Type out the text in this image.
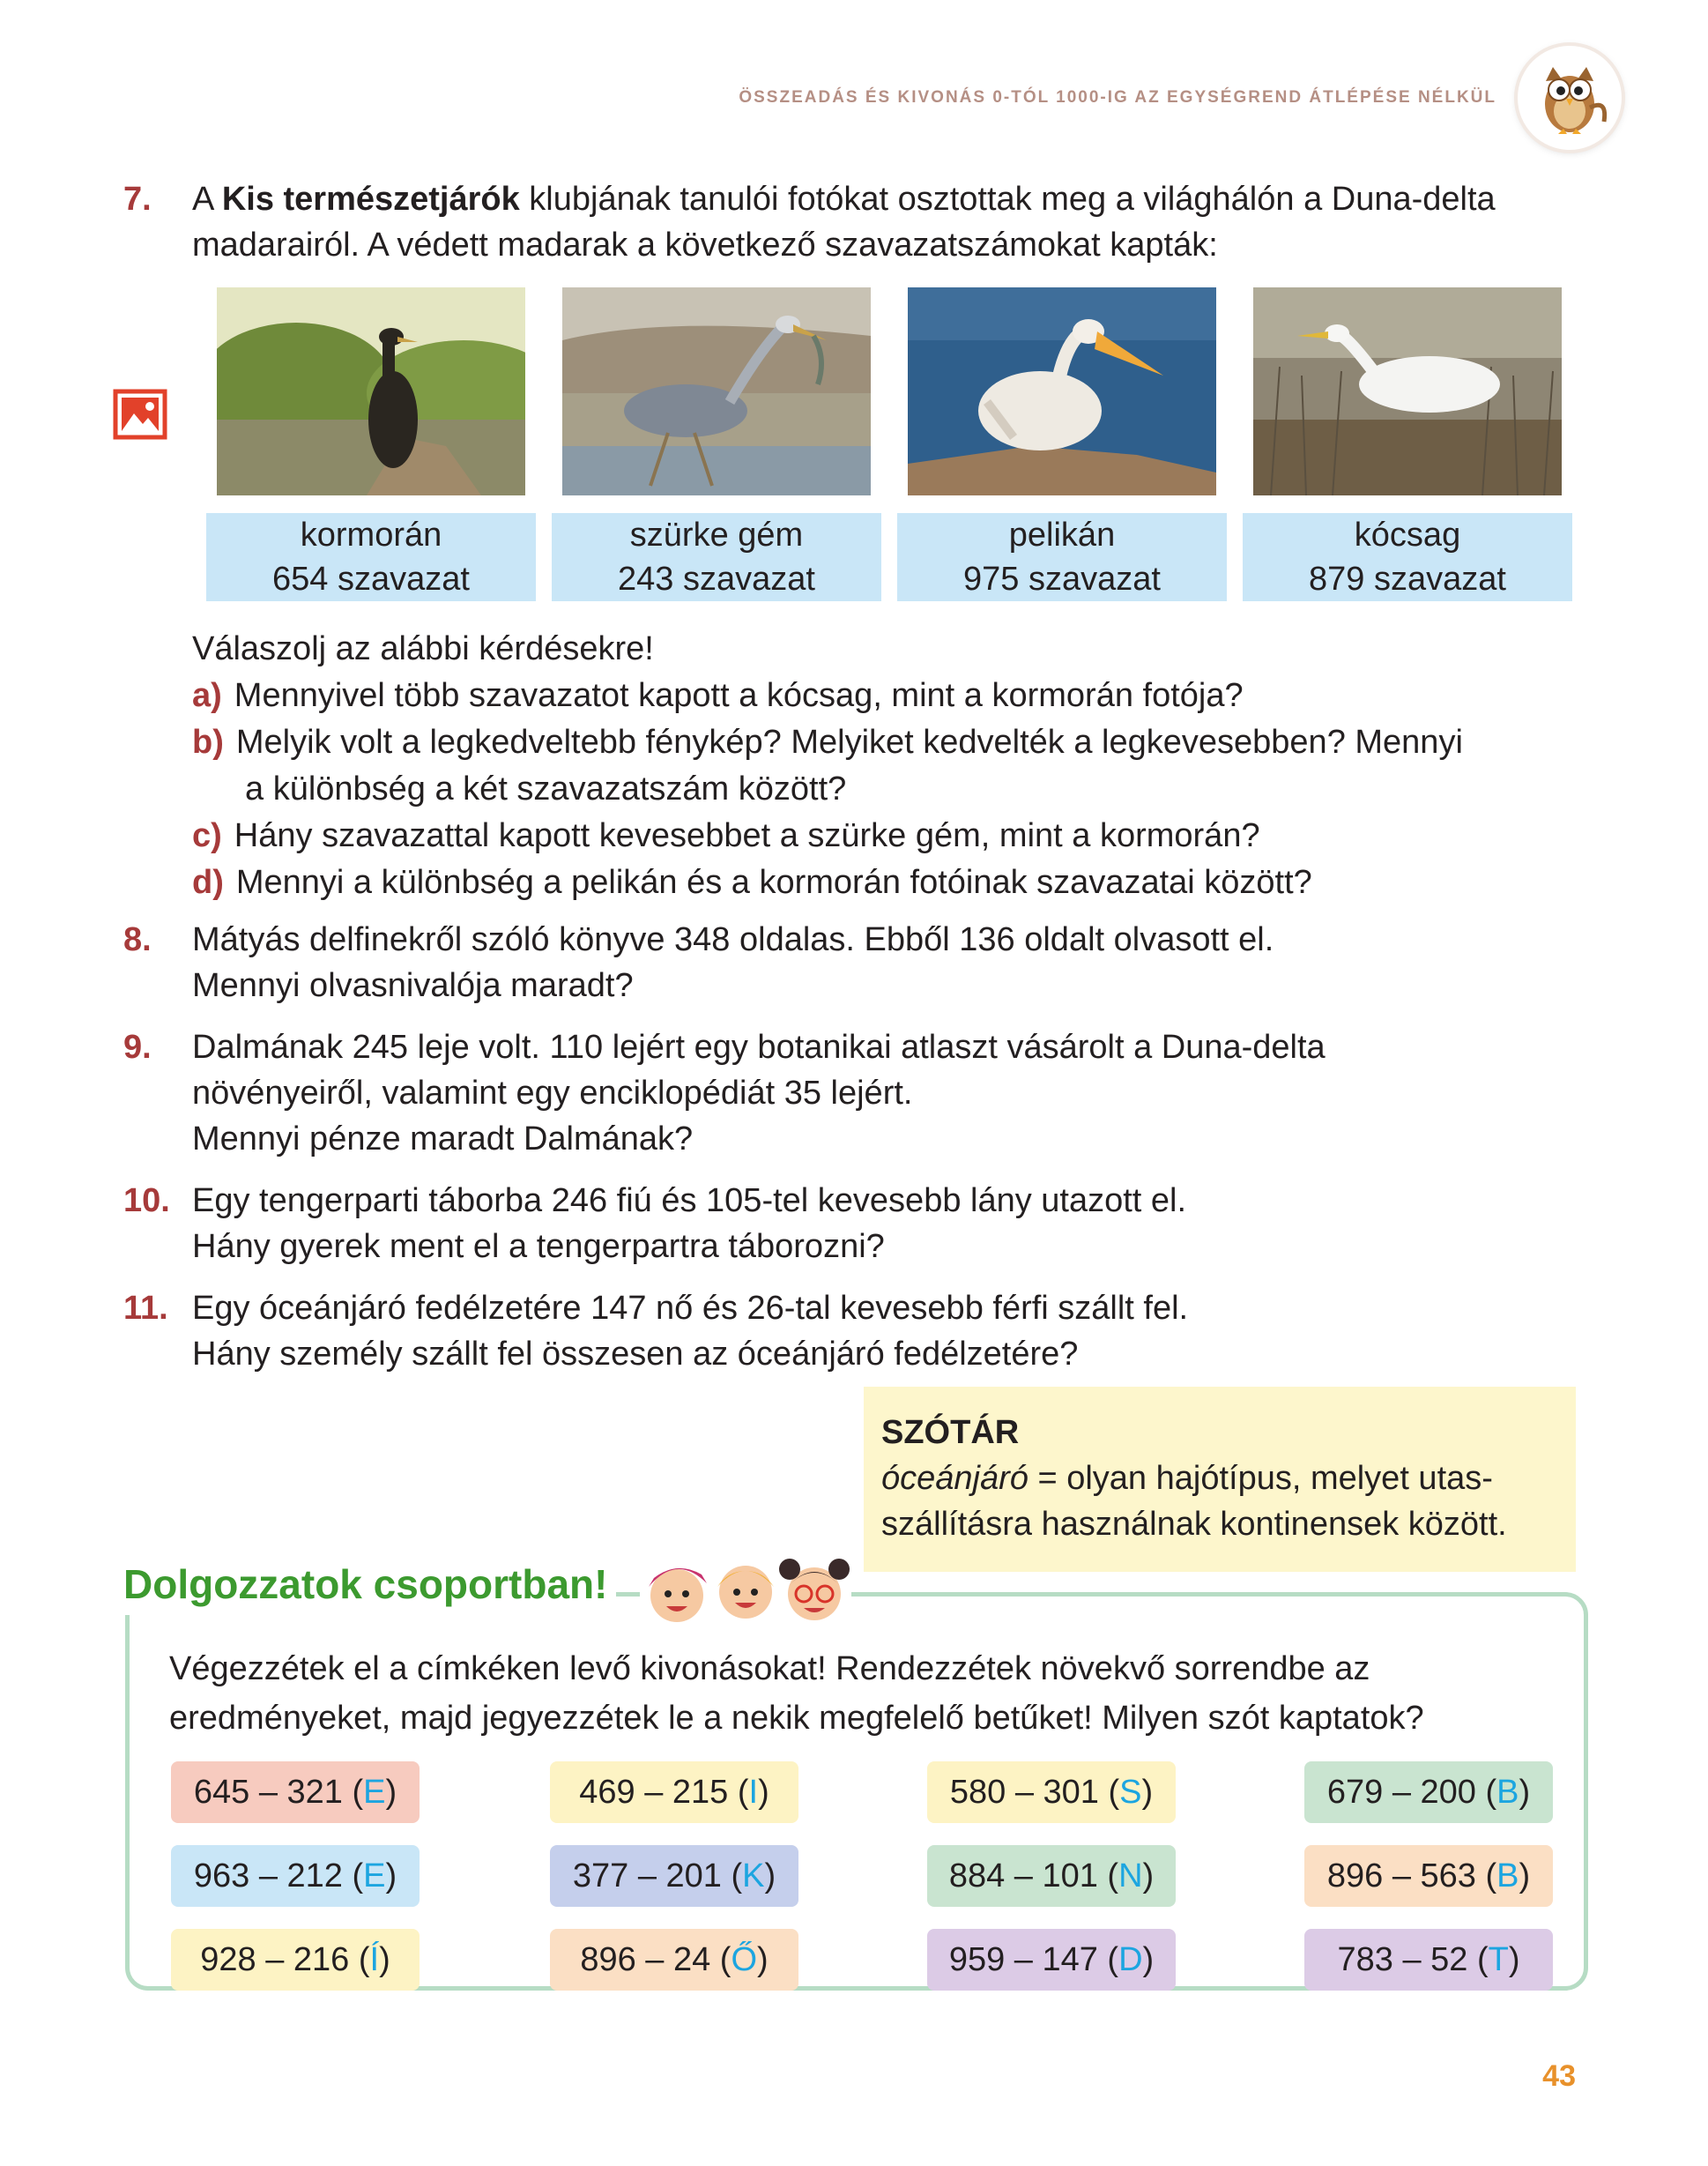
ÖSSZEADÁS ÉS KIVONÁS 0-TÓL 1000-IG AZ EGYSÉGREND ÁTLÉPÉSE NÉLKÜL
7. A Kis természetjárók klubjának tanulói fotókat osztottak meg a világhálón a Duna-delta
madarairól. A védett madarak a következő szavazatszámokat kapták:
kormorán
654 szavazat
szürke gém
243 szavazat
pelikán
975 szavazat
kócsag
879 szavazat
Válaszolj az alábbi kérdésekre!
a) Mennyivel több szavazatot kapott a kócsag, mint a kormorán fotója?
b) Melyik volt a legkedveltebb fénykép? Melyiket kedvelték a legkevesebben? Mennyi
a különbség a két szavazatszám között?
c) Hány szavazattal kapott kevesebbet a szürke gém, mint a kormorán?
d) Mennyi a különbség a pelikán és a kormorán fotóinak szavazatai között?
8. Mátyás delfinekről szóló könyve 348 oldalas. Ebből 136 oldalt olvasott el.
Mennyi olvasnivalója maradt?
9. Dalmának 245 leje volt. 110 lejért egy botanikai atlaszt vásárolt a Duna-delta
növényeiről, valamint egy enciklopédiát 35 lejért.
Mennyi pénze maradt Dalmának?
10. Egy tengerparti táborba 246 fiú és 105-tel kevesebb lány utazott el.
Hány gyerek ment el a tengerpartra táborozni?
11. Egy óceánjáró fedélzetére 147 nő és 26-tal kevesebb férfi szállt fel.
Hány személy szállt fel összesen az óceánjáró fedélzetére?
SZÓTÁR
óceánjáró = olyan hajótípus, melyet utas-
szállításra használnak kontinensek között.
Dolgozzatok csoportban!
Végezzétek el a címkéken levő kivonásokat! Rendezzétek növekvő sorrendbe az
eredményeket, majd jegyezzétek le a nekik megfelelő betűket! Milyen szót kaptatok?
645 – 321 (E)	469 – 215 (I)	580 – 301 (S)	679 – 200 (B)
963 – 212 (E)	377 – 201 (K)	884 – 101 (N)	896 – 563 (B)
928 – 216 (Í)	896 – 24 (Ő)	959 – 147 (D)	783 – 52 (T)
43
